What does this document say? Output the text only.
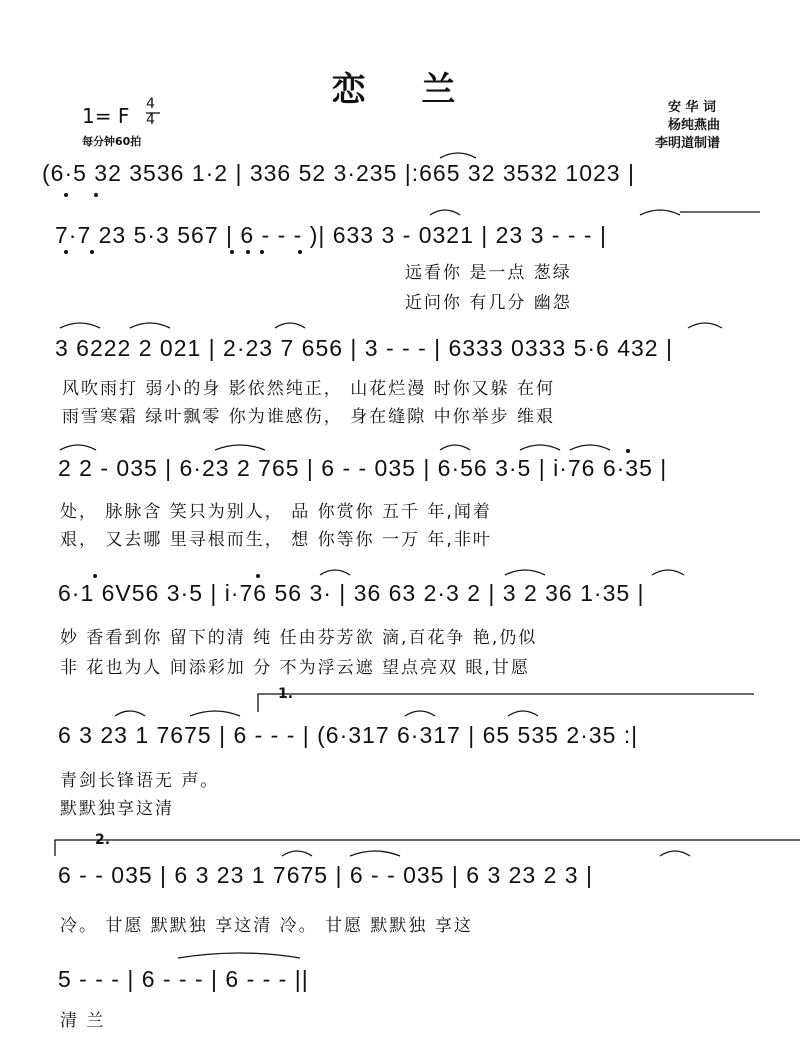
恋 兰
1= F 4
4
每分钟60拍
安 华 词
杨纯燕曲
李明道制谱
(6·5 32 3536 1·2 | 336 52 3·235 |:665 32 3532 1023 |
7·7 23 5·3 567 | 6 - - - )| 633 3 - 0321 | 23 3 - - - |
远看你 是一点 葱绿
近问你 有几分 幽怨
3 6222 2 021 | 2·23 7 656 | 3 - - - | 6333 0333 5·6 432 |
风吹雨打 弱小的身 影依然纯正， 山花烂漫 时你又躲 在何
雨雪寒霜 绿叶飘零 你为谁感伤， 身在缝隙 中你举步 维艰
2 2 - 035 | 6·23 2 765 | 6 - - 035 | 6·56 3·5 | i·76 6·35 |
处， 脉脉含 笑只为别人， 品 你赏你 五千 年,闻着
艰， 又去哪 里寻根而生， 想 你等你 一万 年,非叶
6·1 6V56 3·5 | i·76 56 3· | 36 63 2·3 2 | 3 2 36 1·35 |
妙 香看到你 留下的清 纯 任由芬芳欲 滴,百花争 艳,仍似
非 花也为人 间添彩加 分 不为浮云遮 望点亮双 眼,甘愿
1.
6 3 23 1 7675 | 6 - - - | (6·317 6·317 | 65 535 2·35 :|
青剑长锋语无 声。
默默独享这清
2.
6 - - 035 | 6 3 23 1 7675 | 6 - - 035 | 6 3 23 2 3 |
冷。 甘愿 默默独 享这清 冷。 甘愿 默默独 享这
5 - - - | 6 - - - | 6 - - - ||
清 兰
